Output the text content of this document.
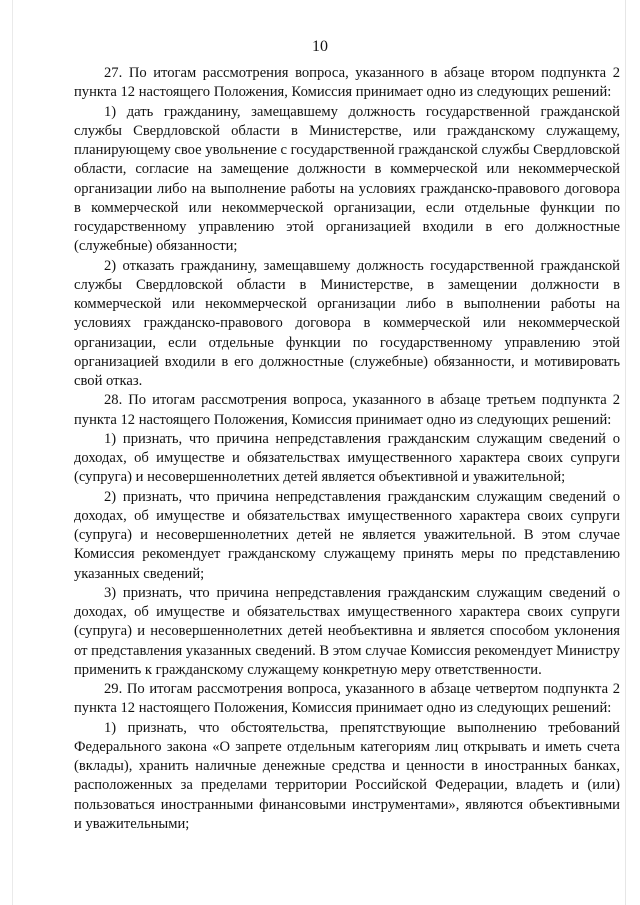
10

27. По итогам рассмотрения вопроса, указанного в абзаце втором подпункта 2 пункта 12 настоящего Положения, Комиссия принимает одно из следующих решений:

1) дать гражданину, замещавшему должность государственной гражданской службы Свердловской области в Министерстве, или гражданскому служащему, планирующему свое увольнение с государственной гражданской службы Свердловской области, согласие на замещение должности в коммерческой или некоммерческой организации либо на выполнение работы на условиях гражданско-правового договора в коммерческой или некоммерческой организации, если отдельные функции по государственному управлению этой организацией входили в его должностные (служебные) обязанности;

2) отказать гражданину, замещавшему должность государственной гражданской службы Свердловской области в Министерстве, в замещении должности в коммерческой или некоммерческой организации либо в выполнении работы на условиях гражданско-правового договора в коммерческой или некоммерческой организации, если отдельные функции по государственному управлению этой организацией входили в его должностные (служебные) обязанности, и мотивировать свой отказ.

28. По итогам рассмотрения вопроса, указанного в абзаце третьем подпункта 2 пункта 12 настоящего Положения, Комиссия принимает одно из следующих решений:

1) признать, что причина непредставления гражданским служащим сведений о доходах, об имуществе и обязательствах имущественного характера своих супруги (супруга) и несовершеннолетних детей является объективной и уважительной;

2) признать, что причина непредставления гражданским служащим сведений о доходах, об имуществе и обязательствах имущественного характера своих супруги (супруга) и несовершеннолетних детей не является уважительной. В этом случае Комиссия рекомендует гражданскому служащему принять меры по представлению указанных сведений;

3) признать, что причина непредставления гражданским служащим сведений о доходах, об имуществе и обязательствах имущественного характера своих супруги (супруга) и несовершеннолетних детей необъективна и является способом уклонения от представления указанных сведений. В этом случае Комиссия рекомендует Министру применить к гражданскому служащему конкретную меру ответственности.

29. По итогам рассмотрения вопроса, указанного в абзаце четвертом подпункта 2 пункта 12 настоящего Положения, Комиссия принимает одно из следующих решений:

1) признать, что обстоятельства, препятствующие выполнению требований Федерального закона «О запрете отдельным категориям лиц открывать и иметь счета (вклады), хранить наличные денежные средства и ценности в иностранных банках, расположенных за пределами территории Российской Федерации, владеть и (или) пользоваться иностранными финансовыми инструментами», являются объективными и уважительными;
